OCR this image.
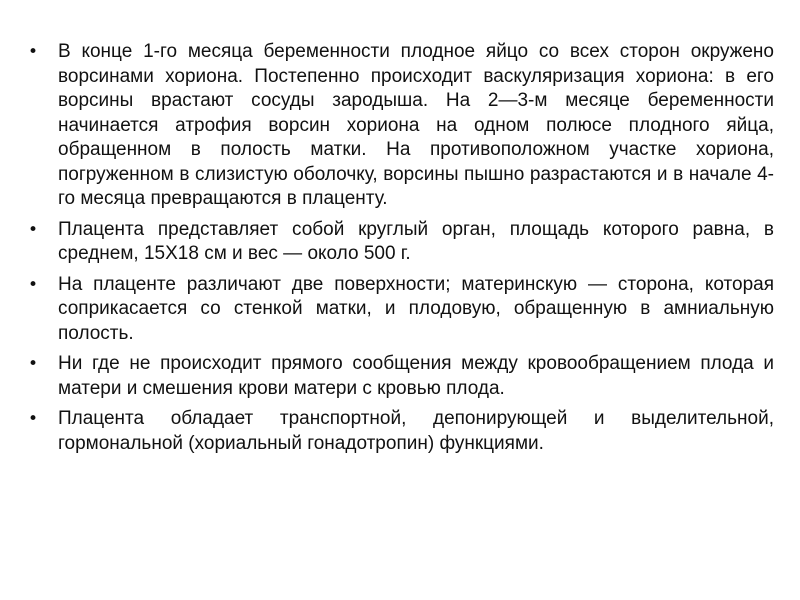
• В конце 1-го месяца беременности плодное яйцо со всех сторон окружено ворсинами хориона. Постепенно происходит васкуляризация хориона: в его ворсины врастают сосуды зародыша. На 2—3-м месяце беременности начинается атрофия ворсин хориона на одном полюсе плодного яйца, обращенном в полость матки. На противоположном участке хориона, погруженном в слизистую оболочку, ворсины пышно разрастаются и в начале 4-го месяца превращаются в плаценту.
• Плацента представляет собой круглый орган, площадь которого равна, в среднем, 15Х18 см и вес — около 500 г.
• На плаценте различают две поверхности; материнскую — сторона, которая соприкасается со стенкой матки, и плодовую, обращенную в амниальную полость.
• Ни где не происходит прямого сообщения между кровообращением плода и матери и смешения крови матери с кровью плода.
• Плацента обладает транспортной, депонирующей и выделительной, гормональной (хориальный гонадотропин) функциями.
